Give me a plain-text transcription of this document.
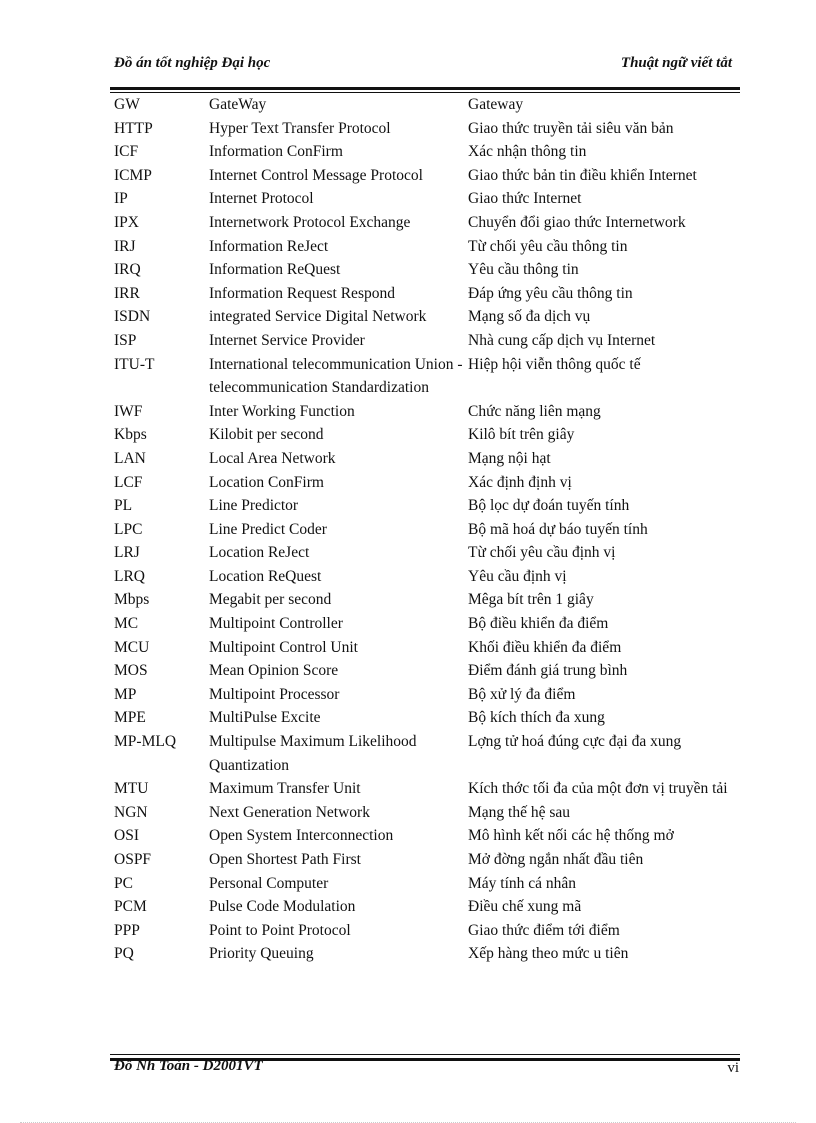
Đồ án tốt nghiệp Đại học	Thuật ngữ viết tắt
GW	GateWay	Gateway
HTTP	Hyper Text Transfer Protocol	Giao thức truyền tải siêu văn bản
ICF	Information ConFirm	Xác nhận thông tin
ICMP	Internet Control Message Protocol	Giao thức bản tin điều khiển Internet
IP	Internet Protocol	Giao thức Internet
IPX	Internetwork Protocol Exchange	Chuyển đổi giao thức Internetwork
IRJ	Information ReJect	Từ chối yêu cầu thông tin
IRQ	Information ReQuest	Yêu cầu thông tin
IRR	Information Request Respond	Đáp ứng yêu cầu thông tin
ISDN	integrated Service Digital Network	Mạng số đa dịch vụ
ISP	Internet Service Provider	Nhà cung cấp dịch vụ Internet
ITU-T	International telecommunication Union - telecommunication Standardization	Hiệp hội viễn thông quốc tế
IWF	Inter Working Function	Chức năng liên mạng
Kbps	Kilobit per second	Kilô bít trên giây
LAN	Local Area Network	Mạng nội hạt
LCF	Location ConFirm	Xác định định vị
PL	Line Predictor	Bộ lọc dự đoán tuyến tính
LPC	Line Predict Coder	Bộ mã hoá dự báo tuyến tính
LRJ	Location ReJect	Từ chối yêu cầu định vị
LRQ	Location ReQuest	Yêu cầu định vị
Mbps	Megabit per second	Mêga bít trên 1 giây
MC	Multipoint Controller	Bộ điều khiển đa điểm
MCU	Multipoint Control Unit	Khối điều khiển đa điểm
MOS	Mean Opinion Score	Điểm đánh giá trung bình
MP	Multipoint Processor	Bộ xử lý đa điểm
MPE	MultiPulse Excite	Bộ kích thích đa xung
MP-MLQ	Multipulse Maximum Likelihood Quantization	Lợng tử hoá đúng cực đại đa xung
MTU	Maximum Transfer Unit	Kích thớc tối đa của một đơn vị truyền tải
NGN	Next Generation Network	Mạng thế hệ sau
OSI	Open System Interconnection	Mô hình kết nối các hệ thống mở
OSPF	Open Shortest Path First	Mở đờng ngắn nhất đầu tiên
PC	Personal Computer	Máy tính cá nhân
PCM	Pulse Code Modulation	Điều chế xung mã
PPP	Point to Point Protocol	Giao thức điểm tới điểm
PQ	Priority Queuing	Xếp hàng theo mức u tiên
Đỗ Nh Toán - D2001VT	vi
